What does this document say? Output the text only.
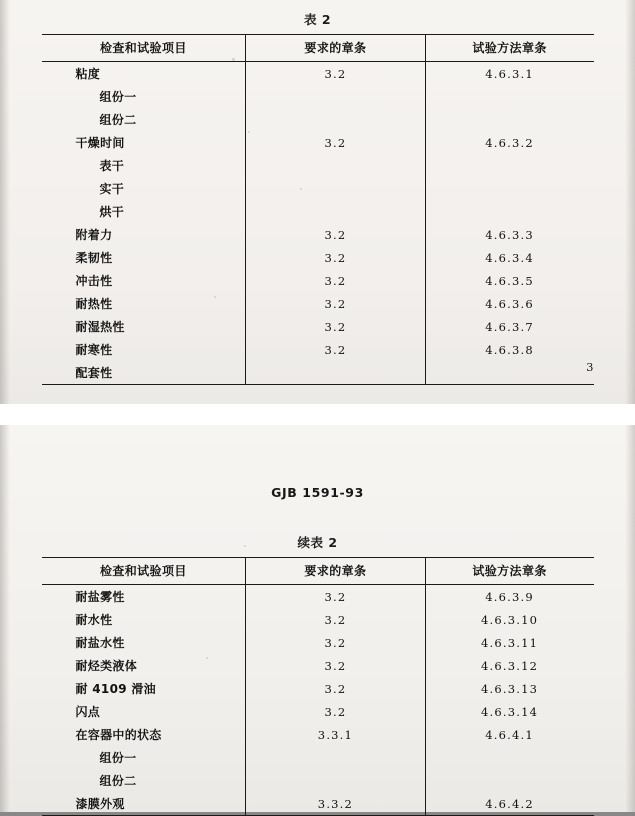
表 2
检查和试验项目	要求的章条	试验方法章条
粘度	3.2	4.6.3.1
组份一		
组份二		
干燥时间	3.2	4.6.3.2
表干		
实干		
烘干		
附着力	3.2	4.6.3.3
柔韧性	3.2	4.6.3.4
冲击性	3.2	4.6.3.5
耐热性	3.2	4.6.3.6
耐湿热性	3.2	4.6.3.7
耐寒性	3.2	4.6.3.8
配套性			3
GJB 1591-93
续表 2
检查和试验项目	要求的章条	试验方法章条
耐盐雾性	3.2	4.6.3.9
耐水性	3.2	4.6.3.10
耐盐水性	3.2	4.6.3.11
耐烃类液体	3.2	4.6.3.12
耐 4109 滑油	3.2	4.6.3.13
闪点	3.2	4.6.3.14
在容器中的状态	3.3.1	4.6.4.1
组份一		
组份二		
漆膜外观	3.3.2	4.6.4.2
